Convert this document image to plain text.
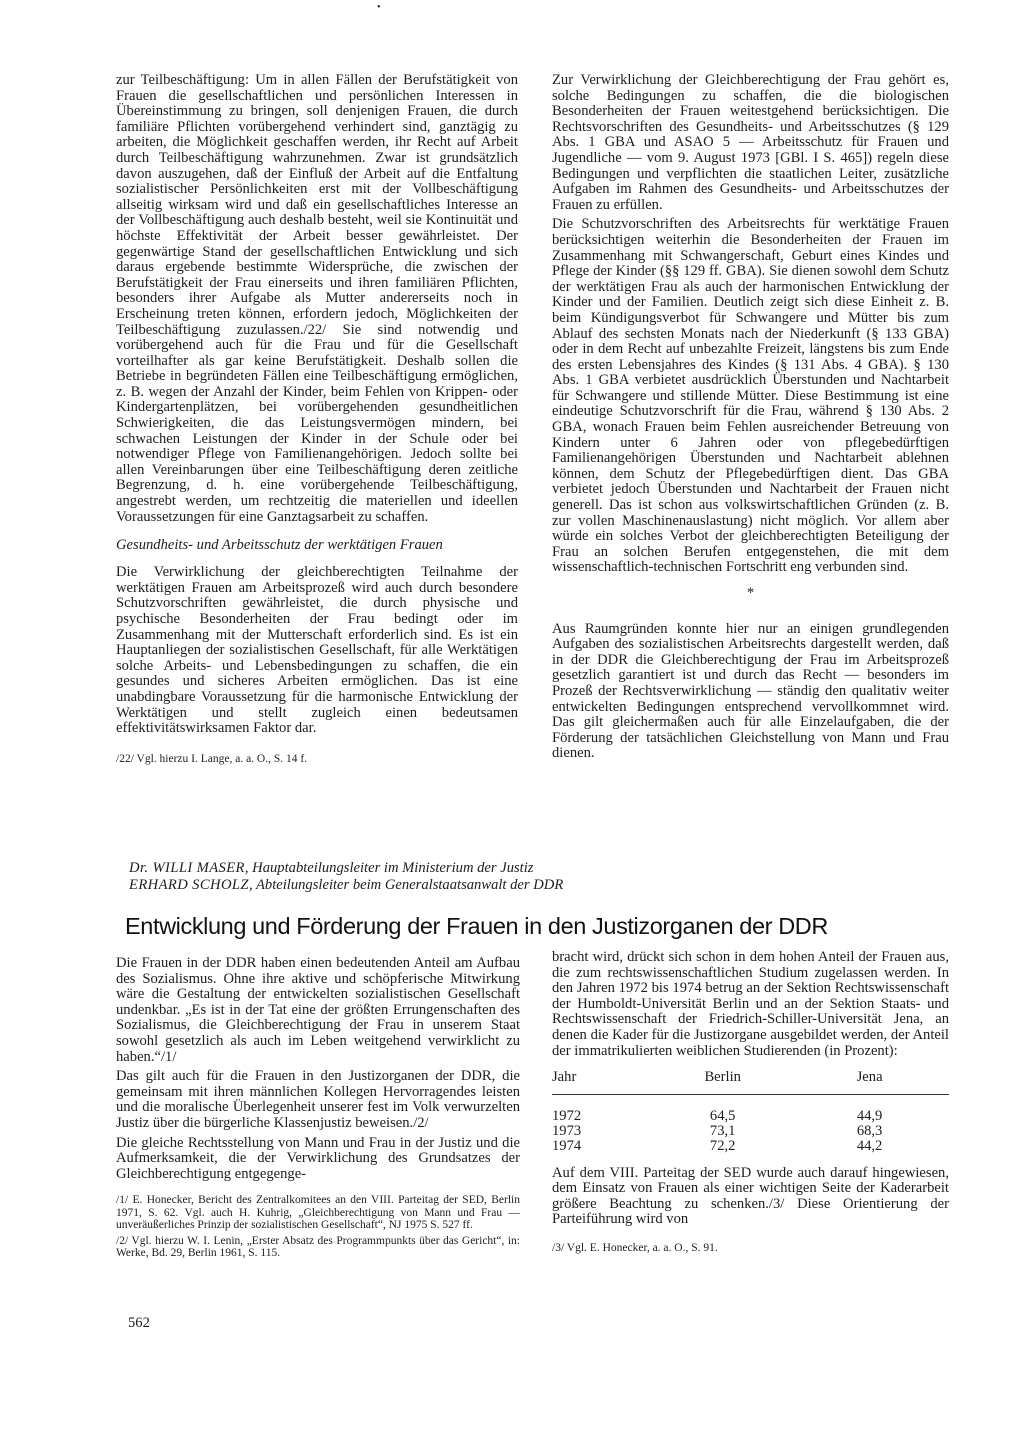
•

zur Teilbeschäftigung: Um in allen Fällen der Berufstätigkeit von Frauen die gesellschaftlichen und persönlichen Interessen in Übereinstimmung zu bringen, soll denjenigen Frauen, die durch familiäre Pflichten vorübergehend verhindert sind, ganztägig zu arbeiten, die Möglichkeit geschaffen werden, ihr Recht auf Arbeit durch Teilbeschäftigung wahrzunehmen. Zwar ist grundsätzlich davon auszugehen, daß der Einfluß der Arbeit auf die Entfaltung sozialistischer Persönlichkeiten erst mit der Vollbeschäftigung allseitig wirksam wird und daß ein gesellschaftliches Interesse an der Vollbeschäftigung auch deshalb besteht, weil sie Kontinuität und höchste Effektivität der Arbeit besser gewährleistet. Der gegenwärtige Stand der gesellschaftlichen Entwicklung und sich daraus ergebende bestimmte Widersprüche, die zwischen der Berufstätigkeit der Frau einerseits und ihren familiären Pflichten, besonders ihrer Aufgabe als Mutter andererseits noch in Erscheinung treten können, erfordern jedoch, Möglichkeiten der Teilbeschäftigung zuzulassen./22/ Sie sind notwendig und vorübergehend auch für die Frau und für die Gesellschaft vorteilhafter als gar keine Berufstätigkeit. Deshalb sollen die Betriebe in begründeten Fällen eine Teilbeschäftigung ermöglichen, z. B. wegen der Anzahl der Kinder, beim Fehlen von Krippen- oder Kindergartenplätzen, bei vorübergehenden gesundheitlichen Schwierigkeiten, die das Leistungsvermögen mindern, bei schwachen Leistungen der Kinder in der Schule oder bei notwendiger Pflege von Familienangehörigen. Jedoch sollte bei allen Vereinbarungen über eine Teilbeschäftigung deren zeitliche Begrenzung, d. h. eine vorübergehende Teilbeschäftigung, angestrebt werden, um rechtzeitig die materiellen und ideellen Voraussetzungen für eine Ganztagsarbeit zu schaffen.

Gesundheits- und Arbeitsschutz der werktätigen Frauen

Die Verwirklichung der gleichberechtigten Teilnahme der werktätigen Frauen am Arbeitsprozeß wird auch durch besondere Schutzvorschriften gewährleistet, die durch physische und psychische Besonderheiten der Frau bedingt oder im Zusammenhang mit der Mutterschaft erforderlich sind. Es ist ein Hauptanliegen der sozialistischen Gesellschaft, für alle Werktätigen solche Arbeits- und Lebensbedingungen zu schaffen, die ein gesundes und sicheres Arbeiten ermöglichen. Das ist eine unabdingbare Voraussetzung für die harmonische Entwicklung der Werktätigen und stellt zugleich einen bedeutsamen effektivitätswirksamen Faktor dar.

/22/ Vgl. hierzu I. Lange, a. a. O., S. 14 f.

Zur Verwirklichung der Gleichberechtigung der Frau gehört es, solche Bedingungen zu schaffen, die die biologischen Besonderheiten der Frauen weitestgehend berücksichtigen. Die Rechtsvorschriften des Gesundheits- und Arbeitsschutzes (§ 129 Abs. 1 GBA und ASAO 5 — Arbeitsschutz für Frauen und Jugendliche — vom 9. August 1973 [GBl. I S. 465]) regeln diese Bedingungen und verpflichten die staatlichen Leiter, zusätzliche Aufgaben im Rahmen des Gesundheits- und Arbeitsschutzes der Frauen zu erfüllen.

Die Schutzvorschriften des Arbeitsrechts für werktätige Frauen berücksichtigen weiterhin die Besonderheiten der Frauen im Zusammenhang mit Schwangerschaft, Geburt eines Kindes und Pflege der Kinder (§§ 129 ff. GBA). Sie dienen sowohl dem Schutz der werktätigen Frau als auch der harmonischen Entwicklung der Kinder und der Familien. Deutlich zeigt sich diese Einheit z. B. beim Kündigungsverbot für Schwangere und Mütter bis zum Ablauf des sechsten Monats nach der Niederkunft (§ 133 GBA) oder in dem Recht auf unbezahlte Freizeit, längstens bis zum Ende des ersten Lebensjahres des Kindes (§ 131 Abs. 4 GBA). § 130 Abs. 1 GBA verbietet ausdrücklich Überstunden und Nachtarbeit für Schwangere und stillende Mütter. Diese Bestimmung ist eine eindeutige Schutzvorschrift für die Frau, während § 130 Abs. 2 GBA, wonach Frauen beim Fehlen ausreichender Betreuung von Kindern unter 6 Jahren oder von pflegebedürftigen Familienangehörigen Überstunden und Nachtarbeit ablehnen können, dem Schutz der Pflegebedürftigen dient. Das GBA verbietet jedoch Überstunden und Nachtarbeit der Frauen nicht generell. Das ist schon aus volkswirtschaftlichen Gründen (z. B. zur vollen Maschinenauslastung) nicht möglich. Vor allem aber würde ein solches Verbot der gleichberechtigten Beteiligung der Frau an solchen Berufen entgegenstehen, die mit dem wissenschaftlich-technischen Fortschritt eng verbunden sind.

*

Aus Raumgründen konnte hier nur an einigen grundlegenden Aufgaben des sozialistischen Arbeitsrechts dargestellt werden, daß in der DDR die Gleichberechtigung der Frau im Arbeitsprozeß gesetzlich garantiert ist und durch das Recht — besonders im Prozeß der Rechtsverwirklichung — ständig den qualitativ weiter entwickelten Bedingungen entsprechend vervollkommnet wird. Das gilt gleichermaßen auch für alle Einzelaufgaben, die der Förderung der tatsächlichen Gleichstellung von Mann und Frau dienen.

Dr. WILLI MASER, Hauptabteilungsleiter im Ministerium der Justiz
ERHARD SCHOLZ, Abteilungsleiter beim Generalstaatsanwalt der DDR
Entwicklung und Förderung der Frauen in den Justizorganen der DDR

Die Frauen in der DDR haben einen bedeutenden Anteil am Aufbau des Sozialismus. Ohne ihre aktive und schöpferische Mitwirkung wäre die Gestaltung der entwickelten sozialistischen Gesellschaft undenkbar. „Es ist in der Tat eine der größten Errungenschaften des Sozialismus, die Gleichberechtigung der Frau in unserem Staat sowohl gesetzlich als auch im Leben weitgehend verwirklicht zu haben.“/1/

Das gilt auch für die Frauen in den Justizorganen der DDR, die gemeinsam mit ihren männlichen Kollegen Hervorragendes leisten und die moralische Überlegenheit unserer fest im Volk verwurzelten Justiz über die bürgerliche Klassenjustiz beweisen./2/

Die gleiche Rechtsstellung von Mann und Frau in der Justiz und die Aufmerksamkeit, die der Verwirklichung des Grundsatzes der Gleichberechtigung entgegenge-

/1/ E. Honecker, Bericht des Zentralkomitees an den VIII. Parteitag der SED, Berlin 1971, S. 62. Vgl. auch H. Kuhrig, „Gleichberechtigung von Mann und Frau — unveräußerliches Prinzip der sozialistischen Gesellschaft“, NJ 1975 S. 527 ff.

/2/ Vgl. hierzu W. I. Lenin, „Erster Absatz des Programmpunkts über das Gericht“, in: Werke, Bd. 29, Berlin 1961, S. 115.

bracht wird, drückt sich schon in dem hohen Anteil der Frauen aus, die zum rechtswissenschaftlichen Studium zugelassen werden. In den Jahren 1972 bis 1974 betrug an der Sektion Rechtswissenschaft der Humboldt-Universität Berlin und an der Sektion Staats- und Rechtswissenschaft der Friedrich-Schiller-Universität Jena, an denen die Kader für die Justizorgane ausgebildet werden, der Anteil der immatrikulierten weiblichen Studierenden (in Prozent):

Jahr	Berlin	Jena
1972	64,5	44,9
1973	73,1	68,3
1974	72,2	44,2

Auf dem VIII. Parteitag der SED wurde auch darauf hingewiesen, dem Einsatz von Frauen als einer wichtigen Seite der Kaderarbeit größere Beachtung zu schenken./3/ Diese Orientierung der Parteiführung wird von

/3/ Vgl. E. Honecker, a. a. O., S. 91.

562
